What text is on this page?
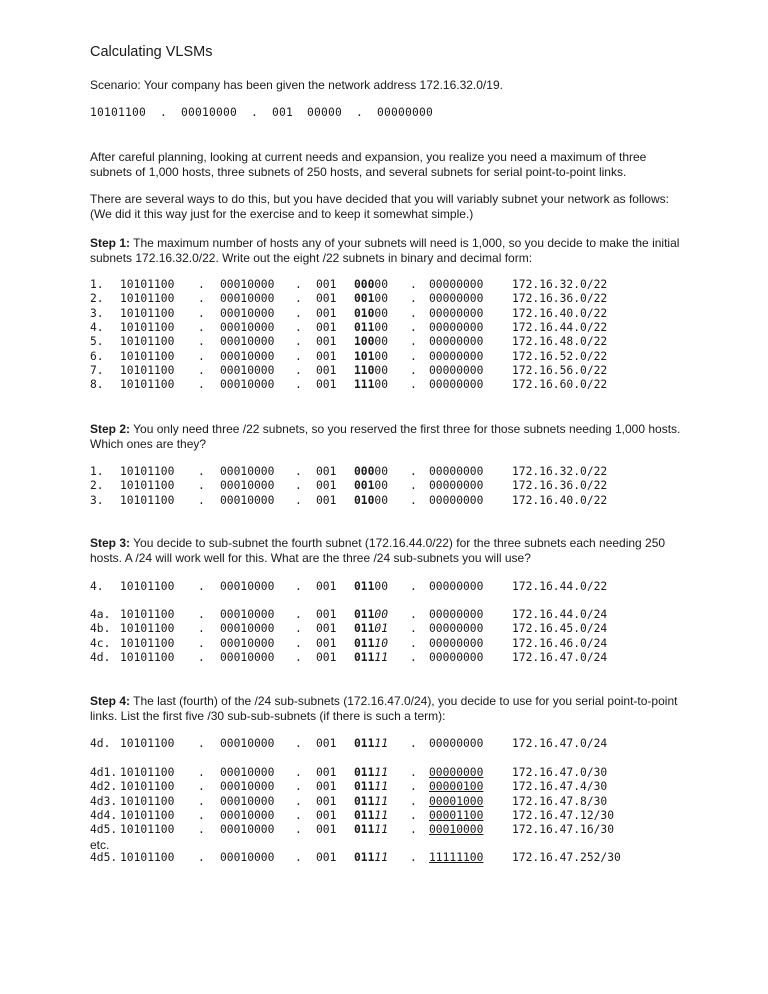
Calculating VLSMs
Scenario: Your company has been given the network address 172.16.32.0/19.
10101100  .  00010000  .  001  00000  .  00000000
After careful planning, looking at current needs and expansion, you realize you need a maximum of three subnets of 1,000 hosts, three subnets of 250 hosts, and several subnets for serial point-to-point links.
There are several ways to do this, but you have decided that you will variably subnet your network as follows: (We did it this way just for the exercise and to keep it somewhat simple.)
Step 1: The maximum number of hosts any of your subnets will need is 1,000, so you decide to make the initial subnets 172.16.32.0/22. Write out the eight /22 subnets in binary and decimal form:
1. 10101100 . 00010000 . 001 00000 . 00000000	172.16.32.0/22
2. 10101100 . 00010000 . 001 00100 . 00000000	172.16.36.0/22
3. 10101100 . 00010000 . 001 01000 . 00000000	172.16.40.0/22
4. 10101100 . 00010000 . 001 01100 . 00000000	172.16.44.0/22
5. 10101100 . 00010000 . 001 10000 . 00000000	172.16.48.0/22
6. 10101100 . 00010000 . 001 10100 . 00000000	172.16.52.0/22
7. 10101100 . 00010000 . 001 11000 . 00000000	172.16.56.0/22
8. 10101100 . 00010000 . 001 11100 . 00000000	172.16.60.0/22
Step 2: You only need three /22 subnets, so you reserved the first three for those subnets needing 1,000 hosts. Which ones are they?
1. 10101100 . 00010000 . 001 00000 . 00000000	172.16.32.0/22
2. 10101100 . 00010000 . 001 00100 . 00000000	172.16.36.0/22
3. 10101100 . 00010000 . 001 01000 . 00000000	172.16.40.0/22
Step 3: You decide to sub-subnet the fourth subnet (172.16.44.0/22) for the three subnets each needing 250 hosts. A /24 will work well for this. What are the three /24 sub-subnets you will use?
4. 10101100 . 00010000 . 001 01100 . 00000000	172.16.44.0/22
4a. 10101100 . 00010000 . 001 01100 . 00000000	172.16.44.0/24
4b. 10101100 . 00010000 . 001 01101 . 00000000	172.16.45.0/24
4c. 10101100 . 00010000 . 001 01110 . 00000000	172.16.46.0/24
4d. 10101100 . 00010000 . 001 01111 . 00000000	172.16.47.0/24
Step 4: The last (fourth) of the /24 sub-subnets (172.16.47.0/24), you decide to use for you serial point-to-point links. List the first five /30 sub-sub-subnets (if there is such a term):
4d. 10101100 . 00010000 . 001 01111 . 00000000	172.16.47.0/24
4d1. 10101100 . 00010000 . 001 01111 . 00000000	172.16.47.0/30
4d2. 10101100 . 00010000 . 001 01111 . 00000100	172.16.47.4/30
4d3. 10101100 . 00010000 . 001 01111 . 00001000	172.16.47.8/30
4d4. 10101100 . 00010000 . 001 01111 . 00001100	172.16.47.12/30
4d5. 10101100 . 00010000 . 001 01111 . 00010000	172.16.47.16/30
etc.
4d5. 10101100 . 00010000 . 001 01111 . 11111100	172.16.47.252/30
